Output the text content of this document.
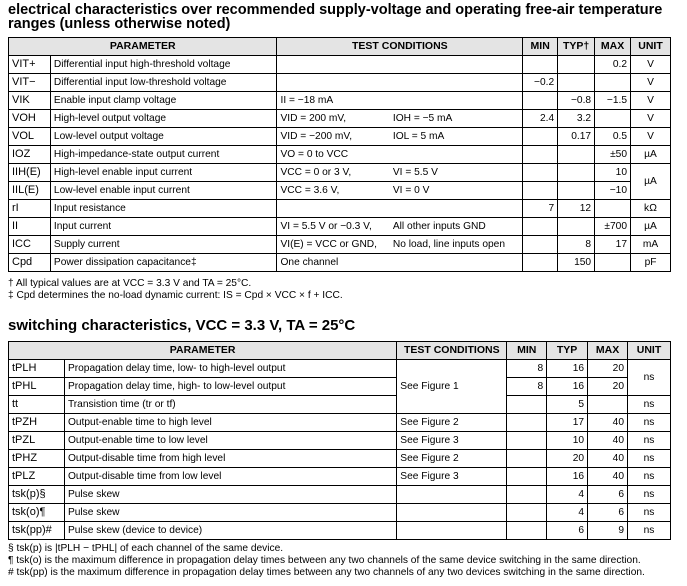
electrical characteristics over recommended supply-voltage and operating free-air temperature ranges (unless otherwise noted)
PARAMETER		TEST CONDITIONS		MIN	TYP†	MAX	UNIT
VIT+	Differential input high-threshold voltage					0.2	V
VIT−	Differential input low-threshold voltage			−0.2			V
VIK	Enable input clamp voltage	II = −18 mA			−0.8	−1.5	V
VOH	High-level output voltage	VID = 200 mV,	IOH = −5 mA	2.4	3.2		V
VOL	Low-level output voltage	VID = −200 mV,	IOL = 5 mA		0.17	0.5	V
IOZ	High-impedance-state output current	VO = 0 to VCC				±50	µA
IIH(E)	High-level enable input current	VCC = 0 or 3 V,	VI = 5.5 V			10	µA
IIL(E)	Low-level enable input current	VCC = 3.6 V,	VI = 0 V			−10	
rI	Input resistance			7	12		kΩ
II	Input current	VI = 5.5 V or −0.3 V,	All other inputs GND			±700	µA
ICC	Supply current	VI(E) = VCC or GND,	No load, line inputs open		8	17	mA
Cpd	Power dissipation capacitance‡	One channel			150		pF
† All typical values are at VCC = 3.3 V and TA = 25°C.
‡ Cpd determines the no-load dynamic current: IS = Cpd × VCC × f + ICC.
switching characteristics, VCC = 3.3 V, TA = 25°C
PARAMETER		TEST CONDITIONS	MIN	TYP	MAX	UNIT
tPLH	Propagation delay time, low- to high-level output	See Figure 1	8	16	20	ns
tPHL	Propagation delay time, high- to low-level output		8	16	20	
tt	Transistion time (tr or tf)			5		ns
tPZH	Output-enable time to high level	See Figure 2		17	40	ns
tPZL	Output-enable time to low level	See Figure 3		10	40	ns
tPHZ	Output-disable time from high level	See Figure 2		20	40	ns
tPLZ	Output-disable time from low level	See Figure 3		16	40	ns
tsk(p)§	Pulse skew			4	6	ns
tsk(o)¶	Pulse skew			4	6	ns
tsk(pp)#	Pulse skew (device to device)			6	9	ns
§ tsk(p) is |tPLH − tPHL| of each channel of the same device.
¶ tsk(o) is the maximum difference in propagation delay times between any two channels of the same device switching in the same direction.
# tsk(pp) is the maximum difference in propagation delay times between any two channels of any two devices switching in the same direction.
